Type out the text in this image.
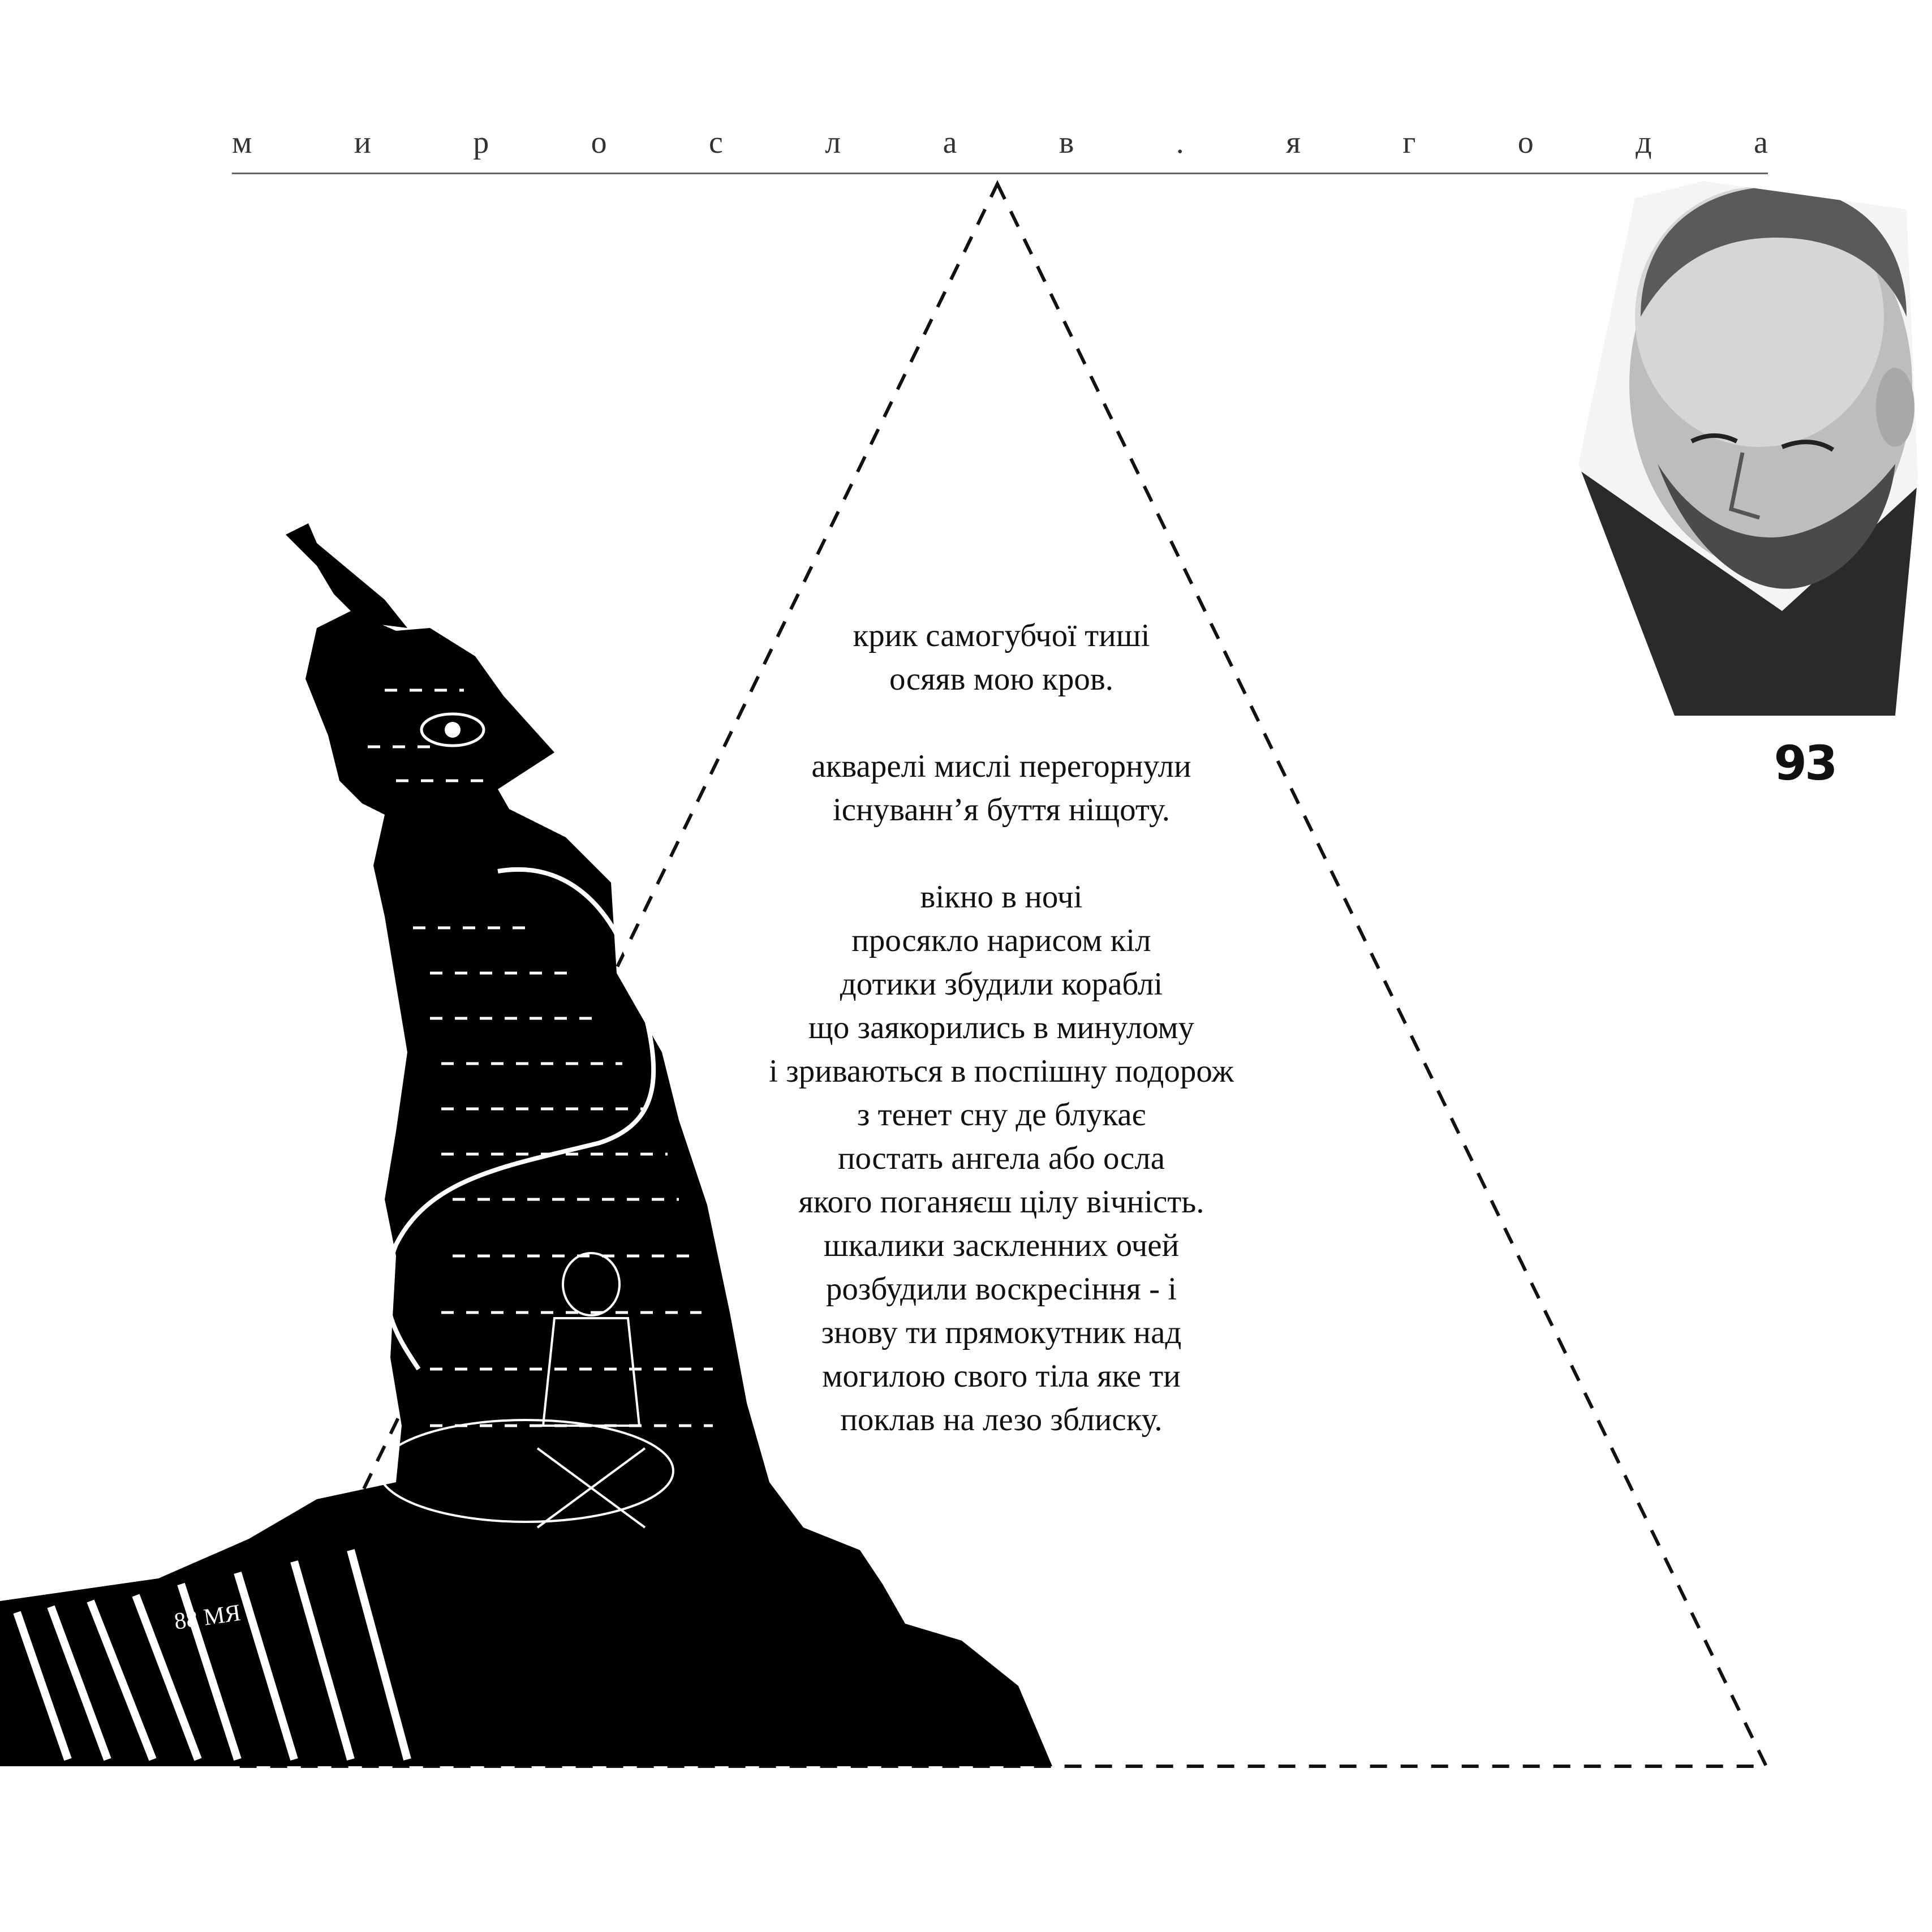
м	и	р	о	с	л	а	в	.	я	г	о	д	а
88 ΜЯ
крик самогубчої тиші
осяяв мою кров.
акварелі мислі перегорнули
існуванн’я буття ніщоту.
вікно в ночі
просякло нарисом кіл
дотики збудили кораблі
що заякорились в минулому
і зриваються в поспішну подорож
з тенет сну де блукає
постать ангела або осла
якого поганяєш цілу вічність.
шкалики заскленних очей
розбудили воскресіння - і
знову ти прямокутник над
могилою свого тіла яке ти
поклав на лезо зблиску.
93
